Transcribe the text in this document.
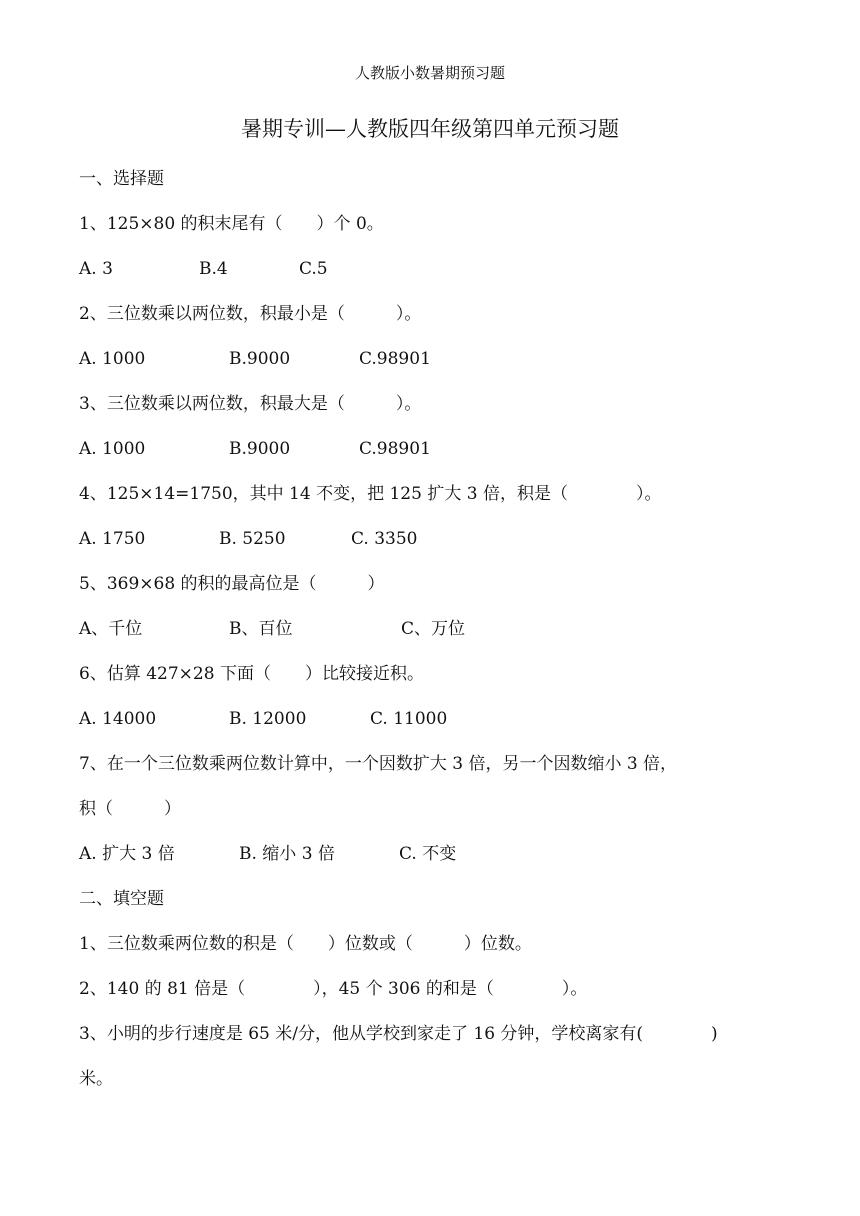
人教版小数暑期预习题
暑期专训—人教版四年级第四单元预习题
一、选择题
1、125×80 的积末尾有（　　）个 0。
A. 3	B.4	C.5
2、三位数乘以两位数，积最小是（　　　）。
A. 1000	B.9000	C.98901
3、三位数乘以两位数，积最大是（　　　）。
A. 1000	B.9000	C.98901
4、125×14=1750，其中 14 不变，把 125 扩大 3 倍，积是（　　　　）。
A. 1750	B. 5250	C. 3350
5、369×68 的积的最高位是（　　　）
A、千位	B、百位	C、万位
6、估算 427×28 下面（　　）比较接近积。
A. 14000	B. 12000	C. 11000
7、在一个三位数乘两位数计算中，一个因数扩大 3 倍，另一个因数缩小 3 倍，
积（　　　）
A. 扩大 3 倍	B. 缩小 3 倍	C. 不变
二、填空题
1、三位数乘两位数的积是（　　）位数或（　　　）位数。
2、140 的 81 倍是（　　　　），45 个 306 的和是（　　　　）。
3、小明的步行速度是 65 米/分，他从学校到家走了 16 分钟，学校离家有(　　　　)
米。
